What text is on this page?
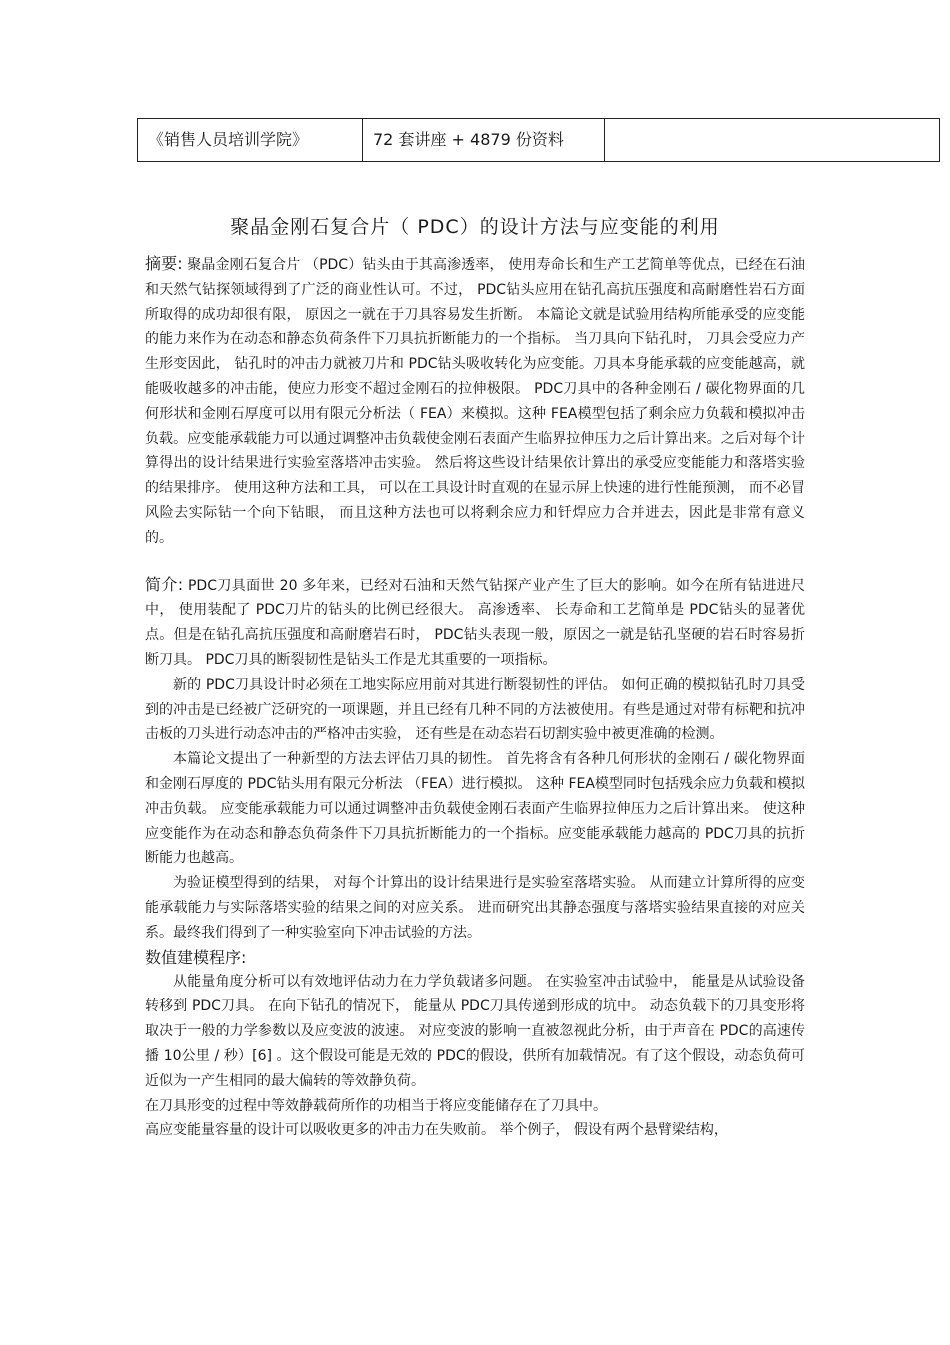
《销售人员培训学院》	72 套讲座 + 4879 份资料
聚晶金刚石复合片（ PDC）的设计方法与应变能的利用

摘要: 聚晶金刚石复合片 （PDC）钻头由于其高渗透率， 使用寿命长和生产工艺简单等优点，已经在石油和天然气钻探领域得到了广泛的商业性认可。不过， PDC钻头应用在钻孔高抗压强度和高耐磨性岩石方面所取得的成功却很有限， 原因之一就在于刀具容易发生折断。 本篇论文就是试验用结构所能承受的应变能的能力来作为在动态和静态负荷条件下刀具抗折断能力的一个指标。 当刀具向下钻孔时， 刀具会受应力产生形变因此， 钻孔时的冲击力就被刀片和 PDC钻头吸收转化为应变能。刀具本身能承载的应变能越高，就能吸收越多的冲击能，使应力形变不超过金刚石的拉伸极限。 PDC刀具中的各种金刚石 / 碳化物界面的几何形状和金刚石厚度可以用有限元分析法（ FEA）来模拟。这种 FEA模型包括了剩余应力负载和模拟冲击负载。应变能承载能力可以通过调整冲击负载使金刚石表面产生临界拉伸压力之后计算出来。之后对每个计算得出的设计结果进行实验室落塔冲击实验。 然后将这些设计结果依计算出的承受应变能能力和落塔实验的结果排序。 使用这种方法和工具， 可以在工具设计时直观的在显示屏上快速的进行性能预测， 而不必冒风险去实际钻一个向下钻眼， 而且这种方法也可以将剩余应力和钎焊应力合并进去，因此是非常有意义的。

简介: PDC刀具面世 20 多年来，已经对石油和天然气钻探产业产生了巨大的影响。如今在所有钻进进尺中， 使用装配了 PDC刀片的钻头的比例已经很大。 高渗透率、 长寿命和工艺简单是 PDC钻头的显著优点。但是在钻孔高抗压强度和高耐磨岩石时， PDC钻头表现一般，原因之一就是钻孔坚硬的岩石时容易折断刀具。 PDC刀具的断裂韧性是钻头工作是尤其重要的一项指标。

新的 PDC刀具设计时必须在工地实际应用前对其进行断裂韧性的评估。 如何正确的模拟钻孔时刀具受到的冲击是已经被广泛研究的一项课题，并且已经有几种不同的方法被使用。有些是通过对带有标靶和抗冲击板的刀头进行动态冲击的严格冲击实验， 还有些是在动态岩石切割实验中被更准确的检测。

本篇论文提出了一种新型的方法去评估刀具的韧性。 首先将含有各种几何形状的金刚石 / 碳化物界面和金刚石厚度的 PDC钻头用有限元分析法 （FEA）进行模拟。 这种 FEA模型同时包括残余应力负载和模拟冲击负载。 应变能承载能力可以通过调整冲击负载使金刚石表面产生临界拉伸压力之后计算出来。 使这种应变能作为在动态和静态负荷条件下刀具抗折断能力的一个指标。应变能承载能力越高的 PDC刀具的抗折断能力也越高。

为验证模型得到的结果， 对每个计算出的设计结果进行是实验室落塔实验。 从而建立计算所得的应变能承载能力与实际落塔实验的结果之间的对应关系。 进而研究出其静态强度与落塔实验结果直接的对应关系。最终我们得到了一种实验室向下冲击试验的方法。

数值建模程序:

从能量角度分析可以有效地评估动力在力学负载诸多问题。 在实验室冲击试验中， 能量是从试验设备转移到 PDC刀具。 在向下钻孔的情况下， 能量从 PDC刀具传递到形成的坑中。 动态负载下的刀具变形将取决于一般的力学参数以及应变波的波速。 对应变波的影响一直被忽视此分析，由于声音在 PDC的高速传播 10公里 / 秒）[6] 。这个假设可能是无效的 PDC的假设，供所有加载情况。有了这个假设，动态负荷可近似为一产生相同的最大偏转的等效静负荷。

在刀具形变的过程中等效静载荷所作的功相当于将应变能储存在了刀具中。

高应变能量容量的设计可以吸收更多的冲击力在失败前。 举个例子， 假设有两个悬臂梁结构，
